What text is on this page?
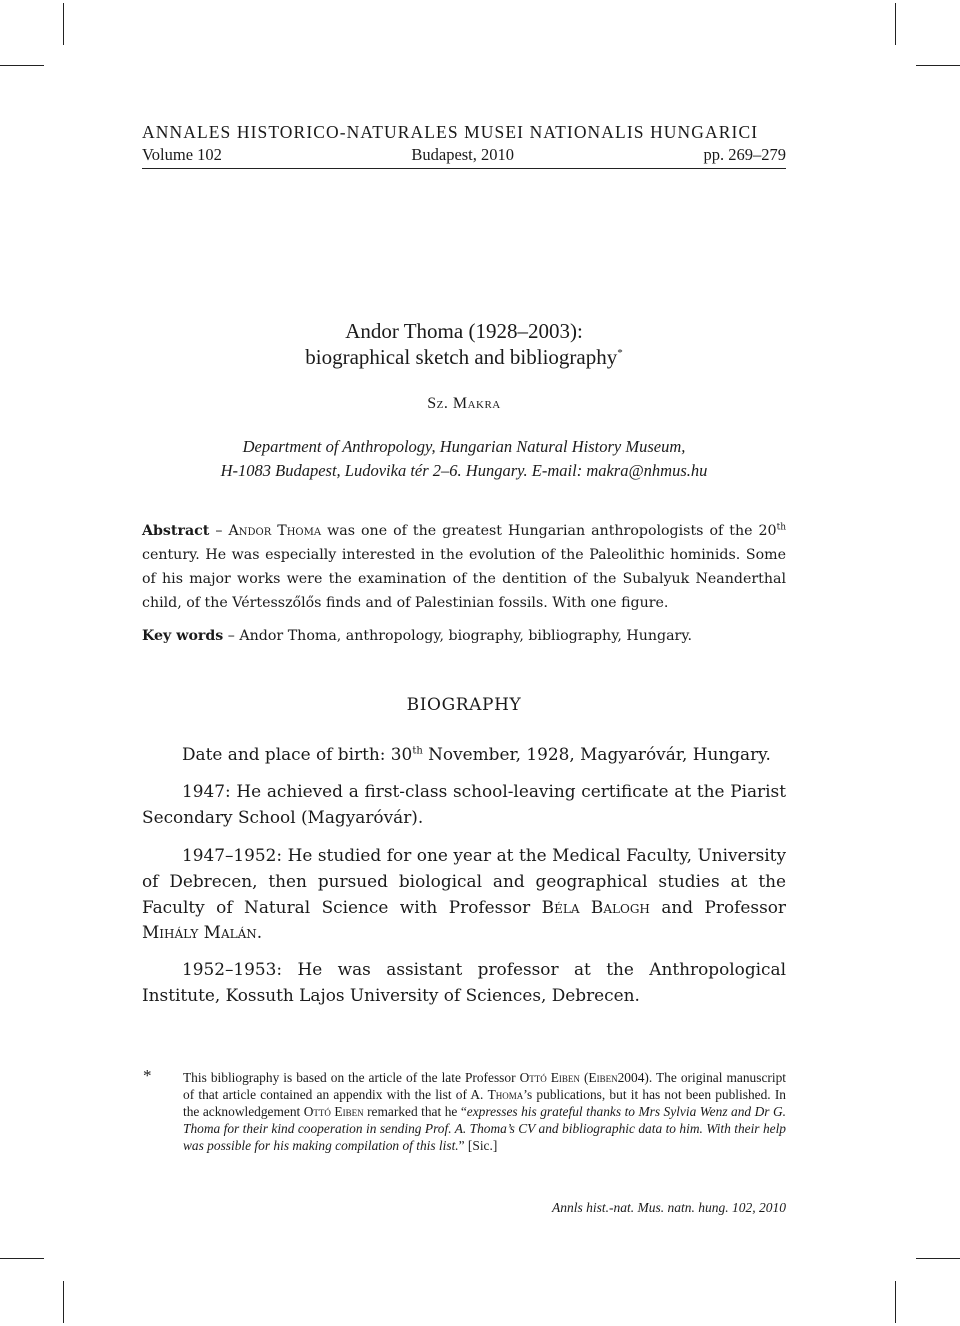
ANNALES HISTORICO-NATURALES MUSEI NATIONALIS HUNGARICI
Volume 102	Budapest, 2010	pp. 269–279
Andor Thoma (1928–2003):
biographical sketch and bibliography*
Sz. Makra
Department of Anthropology, Hungarian Natural History Museum,
H-1083 Budapest, Ludovika tér 2–6. Hungary. E-mail: makra@nhmus.hu
Abstract – Andor Thoma was one of the greatest Hungarian anthropologists of the 20th century. He was especially interested in the evolution of the Paleolithic hominids. Some of his major works were the examination of the dentition of the Subalyuk Neanderthal child, of the Vértesszőlős finds and of Palestinian fossils. With one figure.
Key words – Andor Thoma, anthropology, biography, bibliography, Hungary.
BIOGRAPHY
Date and place of birth: 30th November, 1928, Magyaróvár, Hungary.
1947: He achieved a first-class school-leaving certificate at the Piarist Secondary School (Magyaróvár).
1947–1952: He studied for one year at the Medical Faculty, University of Debrecen, then pursued biological and geographical studies at the Faculty of Natural Science with Professor Béla Balogh and Professor Mihály Malán.
1952–1953: He was assistant professor at the Anthropological Institute, Kossuth Lajos University of Sciences, Debrecen.
* This bibliography is based on the article of the late Professor Ottó Eiben (Eiben2004). The original manuscript of that article contained an appendix with the list of A. Thoma’s publications, but it has not been published. In the acknowledgement Ottó Eiben remarked that he “expresses his grateful thanks to Mrs Sylvia Wenz and Dr G. Thoma for their kind cooperation in sending Prof. A. Thoma’s CV and bibliographic data to him. With their help was possible for his making compilation of this list.” [Sic.]
Annls hist.-nat. Mus. natn. hung. 102, 2010
